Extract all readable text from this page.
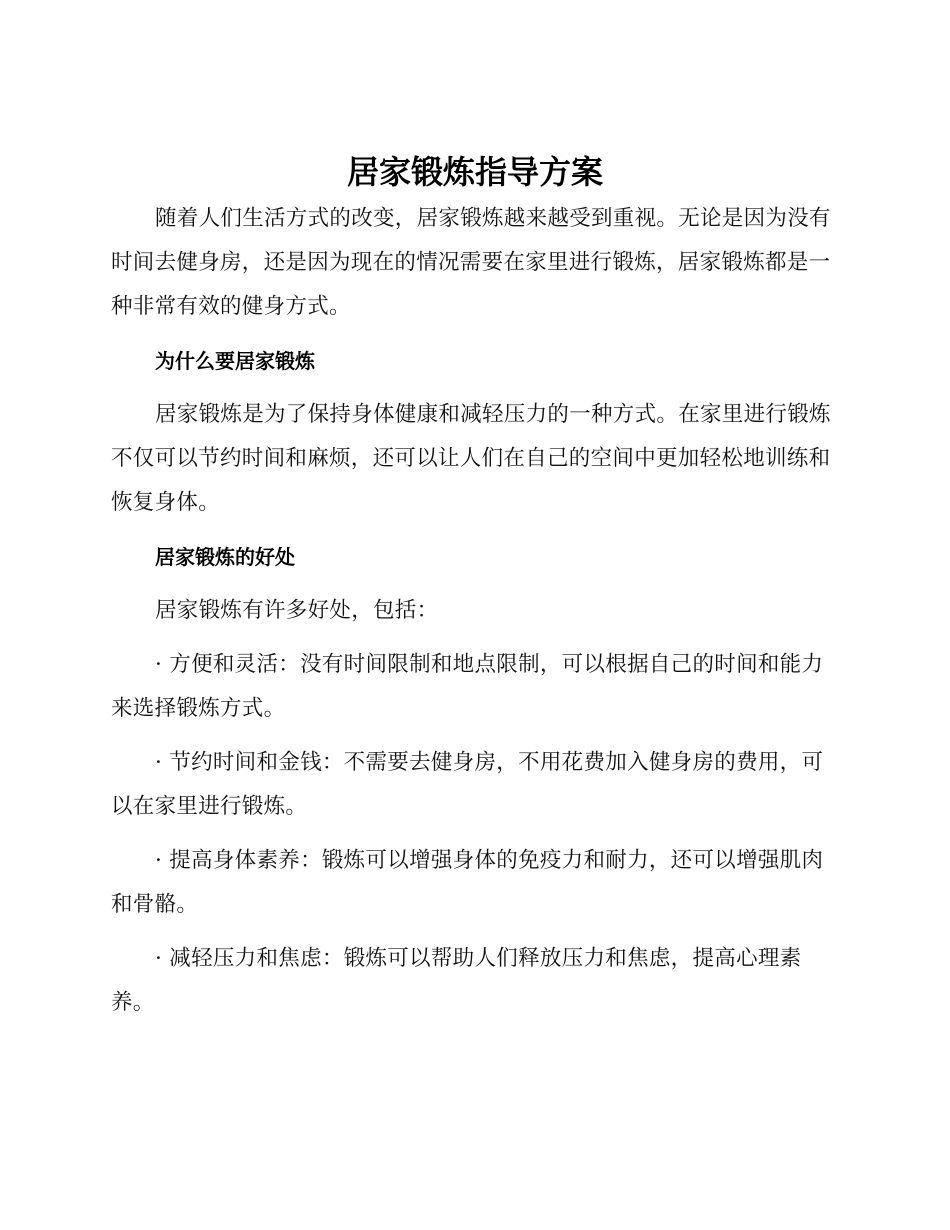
居家锻炼指导方案

随着人们生活方式的改变，居家锻炼越来越受到重视。无论是因为没有时间去健身房，还是因为现在的情况需要在家里进行锻炼，居家锻炼都是一种非常有效的健身方式。

为什么要居家锻炼

居家锻炼是为了保持身体健康和减轻压力的一种方式。在家里进行锻炼不仅可以节约时间和麻烦，还可以让人们在自己的空间中更加轻松地训练和恢复身体。

居家锻炼的好处

居家锻炼有许多好处，包括：

· 方便和灵活：没有时间限制和地点限制，可以根据自己的时间和能力来选择锻炼方式。

· 节约时间和金钱：不需要去健身房，不用花费加入健身房的费用，可以在家里进行锻炼。

· 提高身体素养：锻炼可以增强身体的免疫力和耐力，还可以增强肌肉和骨骼。

· 减轻压力和焦虑：锻炼可以帮助人们释放压力和焦虑，提高心理素养。
